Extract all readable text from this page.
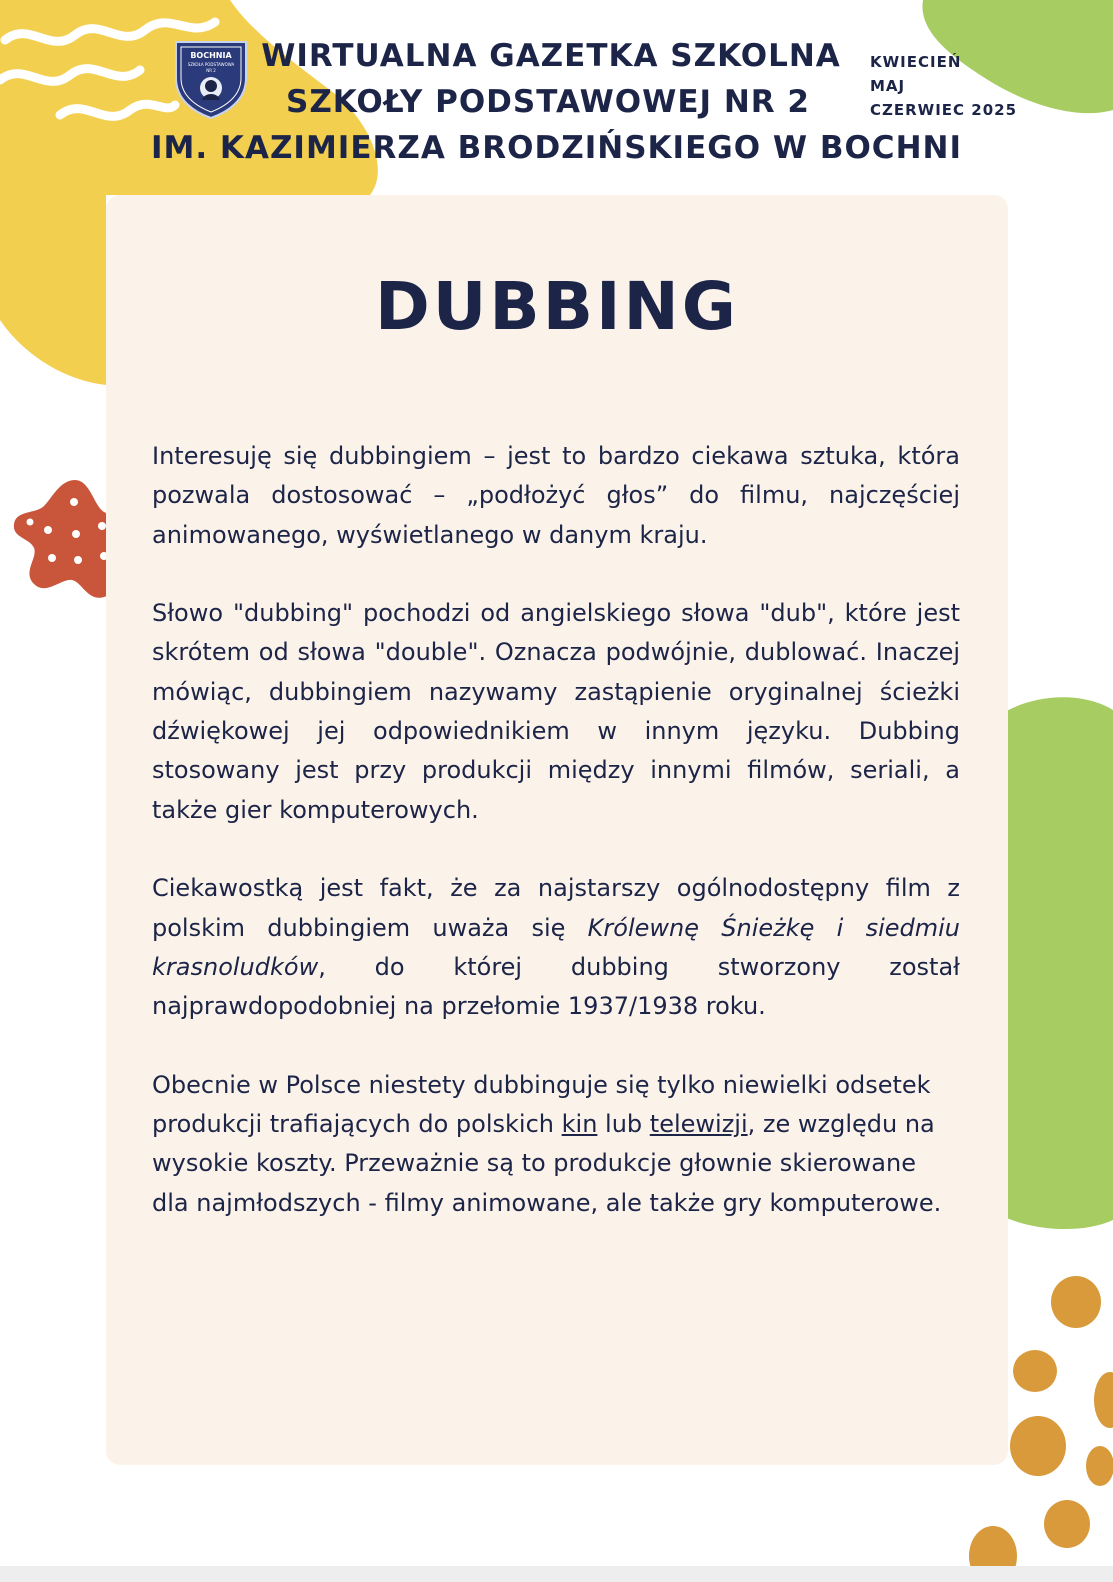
BOCHNIA
SZKOŁA PODSTAWOWA
NR 2	WIRTUALNA GAZETKA SZKOLNA
SZKOŁY PODSTAWOWEJ NR 2
IM. KAZIMIERZA BRODZIŃSKIEGO W BOCHNI
KWIECIEŃ
MAJ
CZERWIEC 2025
DUBBING

Interesuję się dubbingiem – jest to bardzo ciekawa sztuka, która pozwala dostosować – „podłożyć głos” do filmu, najczęściej animowanego, wyświetlanego w danym kraju.

Słowo "dubbing" pochodzi od angielskiego słowa "dub", które jest skrótem od słowa "double". Oznacza podwójnie, dublować. Inaczej mówiąc, dubbingiem nazywamy zastąpienie oryginalnej ścieżki dźwiękowej jej odpowiednikiem w innym języku. Dubbing stosowany jest przy produkcji między innymi filmów, seriali, a także gier komputerowych.

Ciekawostką jest fakt, że za najstarszy ogólnodostępny film z polskim dubbingiem uważa się Królewnę Śnieżkę i siedmiu krasnoludków, do której dubbing stworzony został najprawdopodobniej na przełomie 1937/1938 roku.

Obecnie w Polsce niestety dubbinguje się tylko niewielki odsetek produkcji trafiających do polskich kin lub telewizji, ze względu na wysokie koszty. Przeważnie są to produkcje głownie skierowane dla najmłodszych - filmy animowane, ale także gry komputerowe.
